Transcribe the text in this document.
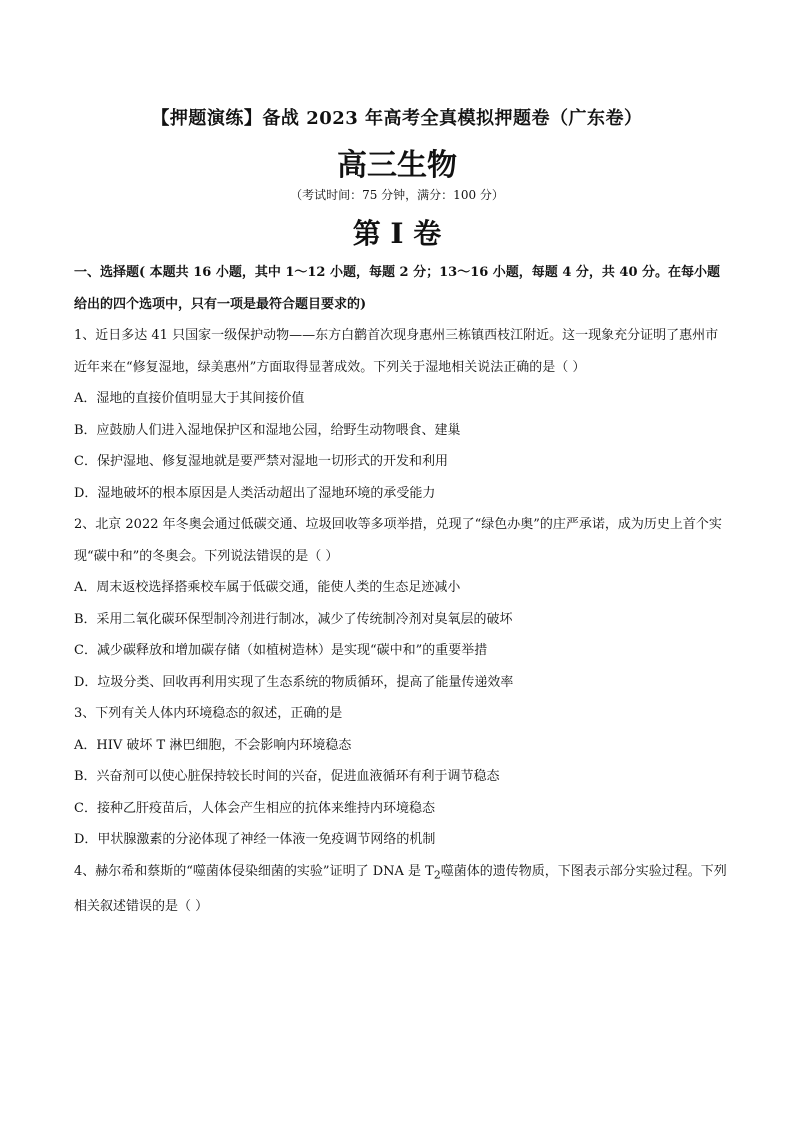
【押题演练】备战 2023 年高考全真模拟押题卷（广东卷）
高三生物
（考试时间：75 分钟，满分：100 分）
第 I 卷

一、选择题( 本题共 16 小题，其中 1～12 小题，每题 2 分；13～16 小题，每题 4 分，共 40 分。在每小题给出的四个选项中，只有一项是最符合题目要求的)

1、近日多达 41 只国家一级保护动物——东方白鹳首次现身惠州三栋镇西枝江附近。这一现象充分证明了惠州市近年来在“修复湿地，绿美惠州”方面取得显著成效。下列关于湿地相关说法正确的是（ ）

A．湿地的直接价值明显大于其间接价值

B．应鼓励人们进入湿地保护区和湿地公园，给野生动物喂食、建巢

C．保护湿地、修复湿地就是要严禁对湿地一切形式的开发和利用

D．湿地破坏的根本原因是人类活动超出了湿地环境的承受能力

2、北京 2022 年冬奥会通过低碳交通、垃圾回收等多项举措，兑现了“绿色办奥”的庄严承诺，成为历史上首个实现“碳中和”的冬奥会。下列说法错误的是（ ）

A．周末返校选择搭乘校车属于低碳交通，能使人类的生态足迹减小

B．采用二氧化碳环保型制冷剂进行制冰，减少了传统制冷剂对臭氧层的破坏

C．减少碳释放和增加碳存储（如植树造林）是实现“碳中和”的重要举措

D．垃圾分类、回收再利用实现了生态系统的物质循环，提高了能量传递效率

3、下列有关人体内环境稳态的叙述，正确的是

A．HIV 破坏 T 淋巴细胞，不会影响内环境稳态

B．兴奋剂可以使心脏保持较长时间的兴奋，促进血液循环有利于调节稳态

C．接种乙肝疫苗后，人体会产生相应的抗体来维持内环境稳态

D．甲状腺激素的分泌体现了神经一体液一免疫调节网络的机制

4、赫尔希和蔡斯的“噬菌体侵染细菌的实验”证明了 DNA 是 $T_2$噬菌体的遗传物质，下图表示部分实验过程。下列相关叙述错误的是（ ）
